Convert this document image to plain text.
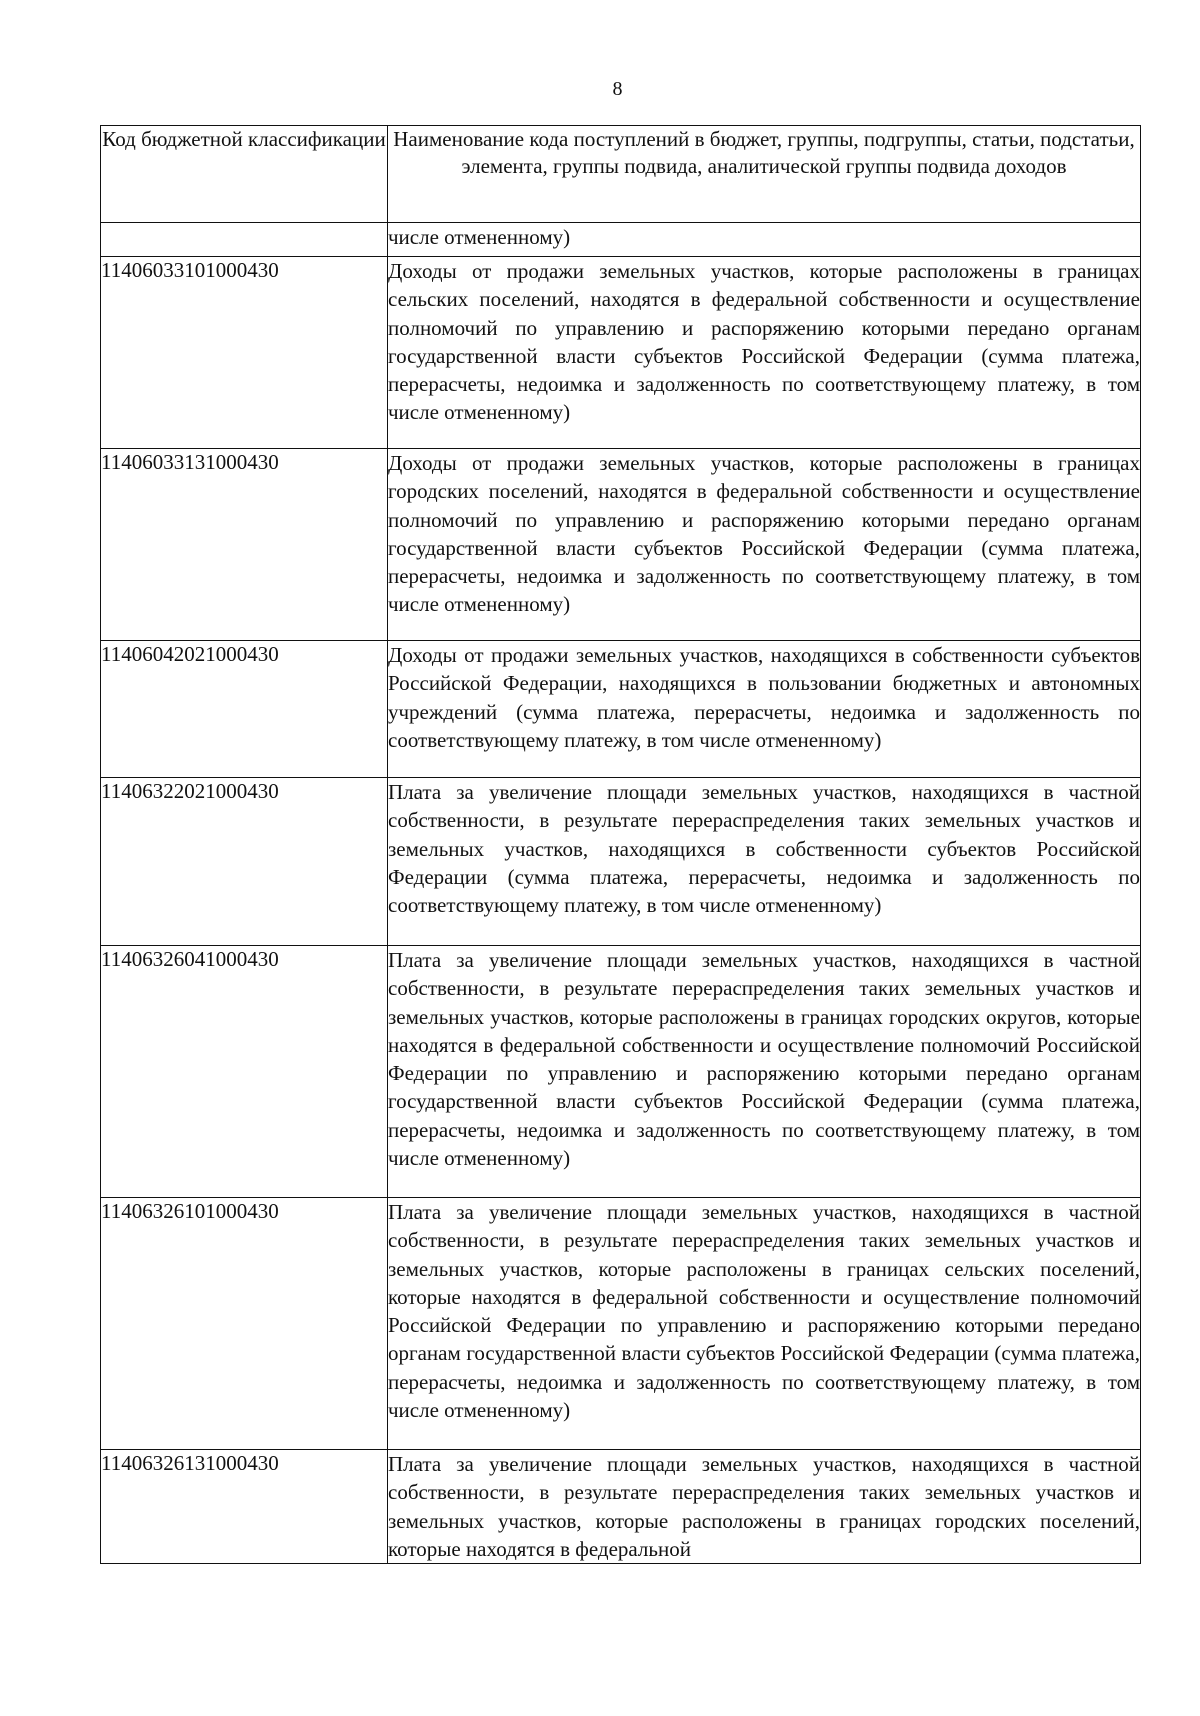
8
Код бюджетной классификации	Наименование кода поступлений в бюджет, группы, подгруппы, статьи, подстатьи, элемента, группы подвида, аналитической группы подвида доходов
	числе отмененному)
11406033101000430	Доходы от продажи земельных участков, которые расположены в границах сельских поселений, находятся в федеральной собственности и осуществление полномочий по управлению и распоряжению которыми передано органам государственной власти субъектов Российской Федерации (сумма платежа, перерасчеты, недоимка и задолженность по соответствующему платежу, в том числе отмененному)
11406033131000430	Доходы от продажи земельных участков, которые расположены в границах городских поселений, находятся в федеральной собственности и осуществление полномочий по управлению и распоряжению которыми передано органам государственной власти субъектов Российской Федерации (сумма платежа, перерасчеты, недоимка и задолженность по соответствующему платежу, в том числе отмененному)
11406042021000430	Доходы от продажи земельных участков, находящихся в собственности субъектов Российской Федерации, находящихся в пользовании бюджетных и автономных учреждений (сумма платежа, перерасчеты, недоимка и задолженность по соответствующему платежу, в том числе отмененному)
11406322021000430	Плата за увеличение площади земельных участков, находящихся в частной собственности, в результате перераспределения таких земельных участков и земельных участков, находящихся в собственности субъектов Российской Федерации (сумма платежа, перерасчеты, недоимка и задолженность по соответствующему платежу, в том числе отмененному)
11406326041000430	Плата за увеличение площади земельных участков, находящихся в частной собственности, в результате перераспределения таких земельных участков и земельных участков, которые расположены в границах городских округов, которые находятся в федеральной собственности и осуществление полномочий Российской Федерации по управлению и распоряжению которыми передано органам государственной власти субъектов Российской Федерации (сумма платежа, перерасчеты, недоимка и задолженность по соответствующему платежу, в том числе отмененному)
11406326101000430	Плата за увеличение площади земельных участков, находящихся в частной собственности, в результате перераспределения таких земельных участков и земельных участков, которые расположены в границах сельских поселений, которые находятся в федеральной собственности и осуществление полномочий Российской Федерации по управлению и распоряжению которыми передано органам государственной власти субъектов Российской Федерации (сумма платежа, перерасчеты, недоимка и задолженность по соответствующему платежу, в том числе отмененному)
11406326131000430	Плата за увеличение площади земельных участков, находящихся в частной собственности, в результате перераспределения таких земельных участков и земельных участков, которые расположены в границах городских поселений, которые находятся в федеральной
